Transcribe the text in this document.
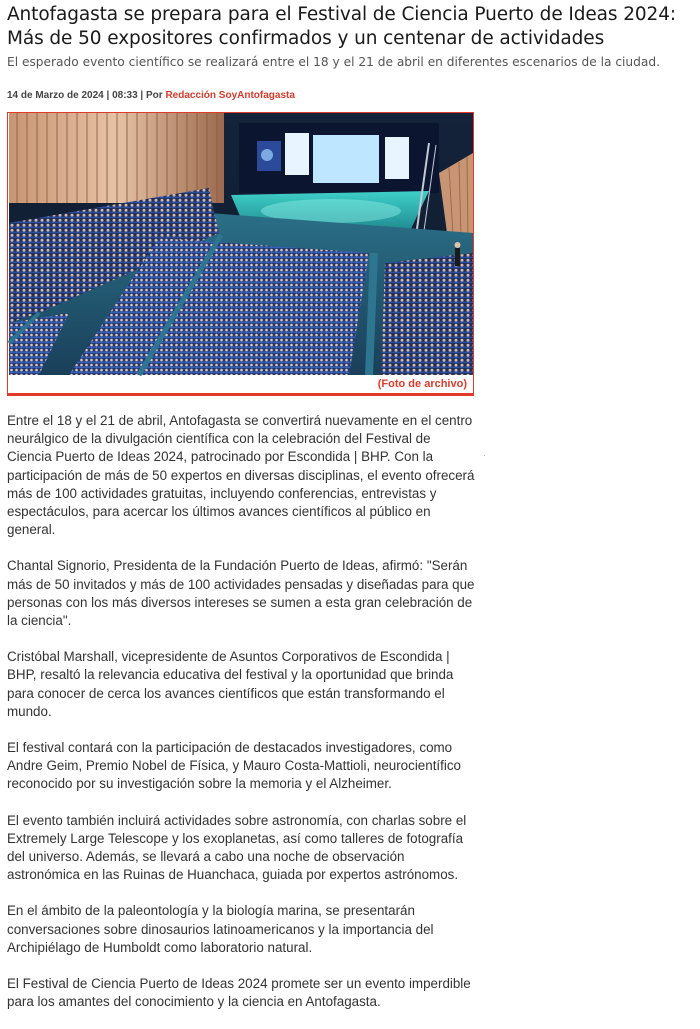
Antofagasta se prepara para el Festival de Ciencia Puerto de Ideas 2024: Más de 50 expositores confirmados y un centenar de actividades

El esperado evento científico se realizará entre el 18 y el 21 de abril en diferentes escenarios de la ciudad.

14 de Marzo de 2024 | 08:33 | Por Redacción SoyAntofagasta
(Foto de archivo)

Entre el 18 y el 21 de abril, Antofagasta se convertirá nuevamente en el centro neurálgico de la divulgación científica con la celebración del Festival de Ciencia Puerto de Ideas 2024, patrocinado por Escondida | BHP. Con la participación de más de 50 expertos en diversas disciplinas, el evento ofrecerá más de 100 actividades gratuitas, incluyendo conferencias, entrevistas y espectáculos, para acercar los últimos avances científicos al público en general.

Chantal Signorio, Presidenta de la Fundación Puerto de Ideas, afirmó: "Serán más de 50 invitados y más de 100 actividades pensadas y diseñadas para que personas con los más diversos intereses se sumen a esta gran celebración de la ciencia".

Cristóbal Marshall, vicepresidente de Asuntos Corporativos de Escondida | BHP, resaltó la relevancia educativa del festival y la oportunidad que brinda para conocer de cerca los avances científicos que están transformando el mundo.

El festival contará con la participación de destacados investigadores, como Andre Geim, Premio Nobel de Física, y Mauro Costa-Mattioli, neurocientífico reconocido por su investigación sobre la memoria y el Alzheimer.

El evento también incluirá actividades sobre astronomía, con charlas sobre el Extremely Large Telescope y los exoplanetas, así como talleres de fotografía del universo. Además, se llevará a cabo una noche de observación astronómica en las Ruinas de Huanchaca, guiada por expertos astrónomos.

En el ámbito de la paleontología y la biología marina, se presentarán conversaciones sobre dinosaurios latinoamericanos y la importancia del Archipiélago de Humboldt como laboratorio natural.

El Festival de Ciencia Puerto de Ideas 2024 promete ser un evento imperdible para los amantes del conocimiento y la ciencia en Antofagasta.
